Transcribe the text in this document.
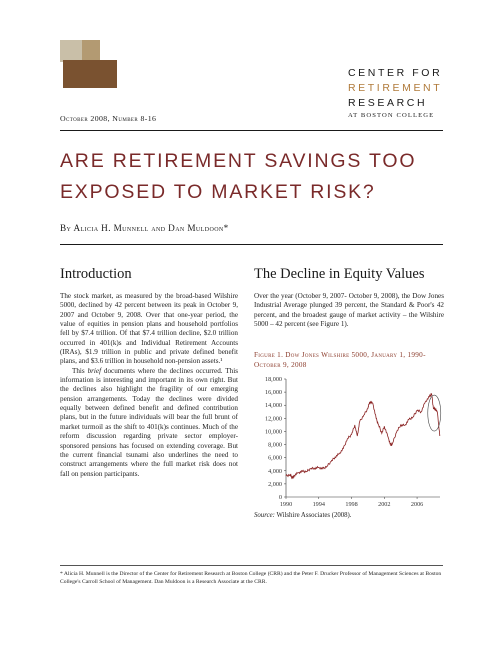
CENTER FOR
RETIREMENT
RESEARCH
AT BOSTON COLLEGE
October 2008, Number 8-16
ARE RETIREMENT SAVINGS TOO EXPOSED TO MARKET RISK?
By Alicia H. Munnell and Dan Muldoon*
Introduction	The Decline in Equity Values

The stock market, as measured by the broad-based Wilshire 5000, declined by 42 percent between its peak in October 9, 2007 and October 9, 2008. Over that one-year period, the value of equities in pension plans and household portfolios fell by $7.4 trillion. Of that $7.4 trillion decline, $2.0 trillion occurred in 401(k)s and Individual Retirement Accounts (IRAs), $1.9 trillion in public and private defined benefit plans, and $3.6 trillion in household non-pension assets.¹

This brief documents where the declines occurred. This information is interesting and important in its own right. But the declines also highlight the fragility of our emerging pension arrangements. Today the declines were divided equally between defined benefit and defined contribution plans, but in the future individuals will bear the full brunt of market turmoil as the shift to 401(k)s continues. Much of the reform discussion regarding private sector employer-sponsored pensions has focused on extending coverage. But the current financial tsunami also underlines the need to construct arrangements where the full market risk does not fall on pension participants.

Over the year (October 9, 2007- October 9, 2008), the Dow Jones Industrial Average plunged 39 percent, the Standard & Poor's 42 percent, and the broadest gauge of market activity – the Wilshire 5000 – 42 percent (see Figure 1).

Figure 1. Dow Jones Wilshire 5000, January 1, 1990-October 9, 2008
0
2,000
4,000
6,000
8,000
10,000
12,000
14,000
16,000
18,000
1990	1994	1998	2002	2006
Source: Wilshire Associates (2008).
* Alicia H. Munnell is the Director of the Center for Retirement Research at Boston College (CRR) and the Peter F. Drucker Professor of Management Sciences at Boston College's Carroll School of Management. Dan Muldoon is a Research Associate at the CRR.
